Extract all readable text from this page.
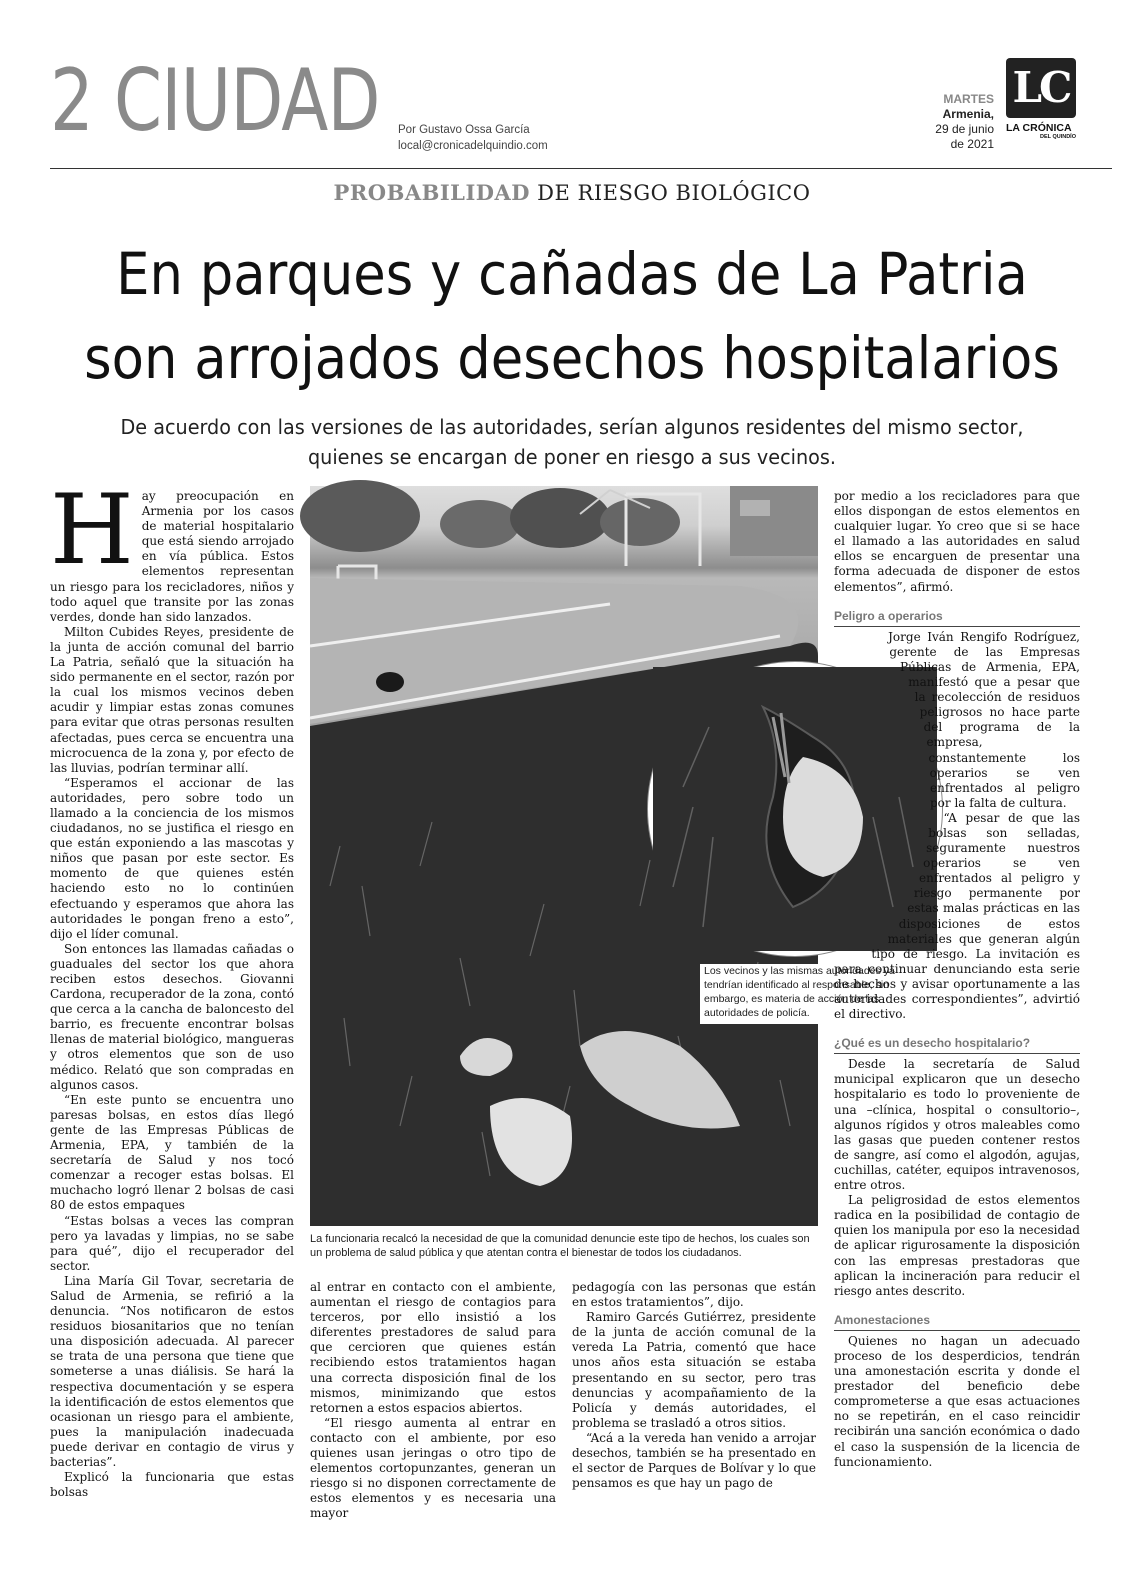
2 CIUDAD Por Gustavo Ossa García
local@cronicadelquindio.com
MARTES
Armenia,
29 de junio
de 2021
LC
LA CRÓNICA
DEL QUINDÍO
PROBABILIDAD DE RIESGO BIOLÓGICO
En parques y cañadas de La Patria
son arrojados desechos hospitalarios
De acuerdo con las versiones de las autoridades, serían algunos residentes del mismo sector,
quienes se encargan de poner en riesgo a sus vecinos.
H ay preocupación en Armenia por los casos de material hospitalario que está siendo arrojado en vía pública. Estos elementos representan un riesgo para los recicladores, niños y todo aquel que transite por las zonas verdes, donde han sido lanzados.

Milton Cubides Reyes, presidente de la junta de acción comunal del barrio La Patria, señaló que la situación ha sido permanente en el sector, razón por la cual los mismos vecinos deben acudir y limpiar estas zonas comunes para evitar que otras personas resulten afectadas, pues cerca se encuentra una microcuenca de la zona y, por efecto de las lluvias, podrían terminar allí.

“Esperamos el accionar de las autoridades, pero sobre todo un llamado a la conciencia de los mismos ciudadanos, no se justifica el riesgo en que están exponiendo a las mascotas y niños que pasan por este sector. Es momento de que quienes estén haciendo esto no lo continúen efectuando y esperamos que ahora las autoridades le pongan freno a esto”, dijo el líder comunal.

Son entonces las llamadas cañadas o guaduales del sector los que ahora reciben estos desechos. Giovanni Cardona, recuperador de la zona, contó que cerca a la cancha de baloncesto del barrio, es frecuente encontrar bolsas llenas de material biológico, mangueras y otros elementos que son de uso médico. Relató que son compradas en algunos casos.

“En este punto se encuentra uno paresas bolsas, en estos días llegó gente de las Empresas Públicas de Armenia, EPA, y también de la secretaría de Salud y nos tocó comenzar a recoger estas bolsas. El muchacho logró llenar 2 bolsas de casi 80 de estos empaques

“Estas bolsas a veces las compran pero ya lavadas y limpias, no se sabe para qué”, dijo el recuperador del sector.

Lina María Gil Tovar, secretaria de Salud de Armenia, se refirió a la denuncia. “Nos notificaron de estos residuos biosanitarios que no tenían una disposición adecuada. Al parecer se trata de una persona que tiene que someterse a unas diálisis. Se hará la respectiva documentación y se espera la identificación de estos elementos que ocasionan un riesgo para el ambiente, pues la manipulación inadecuada puede derivar en contagio de virus y bacterias”.

Explicó la funcionaria que estas bolsas

La funcionaria recalcó la necesidad de que la comunidad denuncie este tipo de hechos, los cuales son un problema de salud pública y que atentan contra el bienestar de todos los ciudadanos.
Los vecinos y las mismas autoridades ya tendrían identificado al responsable, sin embargo, es materia de acción de las autoridades de policía.

al entrar en contacto con el ambiente, aumentan el riesgo de contagios para terceros, por ello insistió a los diferentes prestadores de salud para que cercioren que quienes están recibiendo estos tratamientos hagan una correcta disposición final de los mismos, minimizando que estos retornen a estos espacios abiertos.

“El riesgo aumenta al entrar en contacto con el ambiente, por eso quienes usan jeringas o otro tipo de elementos cortopunzantes, generan un riesgo si no disponen correctamente de estos elementos y es necesaria una mayor

pedagogía con las personas que están en estos tratamientos”, dijo.

Ramiro Garcés Gutiérrez, presidente de la junta de acción comunal de la vereda La Patria, comentó que hace unos años esta situación se estaba presentando en su sector, pero tras denuncias y acompañamiento de la Policía y demás autoridades, el problema se trasladó a otros sitios.

“Acá a la vereda han venido a arrojar desechos, también se ha presentado en el sector de Parques de Bolívar y lo que pensamos es que hay un pago de

por medio a los recicladores para que ellos dispongan de estos elementos en cualquier lugar. Yo creo que si se hace el llamado a las autoridades en salud ellos se encarguen de presentar una forma adecuada de disponer de estos elementos”, afirmó.

Peligro a operarios

Jorge Iván Rengifo Rodríguez, gerente de las Empresas Públicas de Armenia, EPA, manifestó que a pesar que la recolección de residuos peligrosos no hace parte del programa de la empresa, constantemente los operarios se ven enfrentados al peligro por la falta de cultura.

“A pesar de que las bolsas son selladas, seguramente nuestros operarios se ven enfrentados al peligro y riesgo permanente por estas malas prácticas en las disposiciones de estos materiales que generan algún tipo de riesgo. La invitación es para continuar denunciando esta serie de hechos y avisar oportunamente a las autoridades correspondientes”, advirtió el directivo.

¿Qué es un desecho hospitalario?

Desde la secretaría de Salud municipal explicaron que un desecho hospitalario es todo lo proveniente de una –clínica, hospital o consultorio–, algunos rígidos y otros maleables como las gasas que pueden contener restos de sangre, así como el algodón, agujas, cuchillas, catéter, equipos intravenosos, entre otros.

La peligrosidad de estos elementos radica en la posibilidad de contagio de quien los manipula por eso la necesidad de aplicar rigurosamente la disposición con las empresas prestadoras que aplican la incineración para reducir el riesgo antes descrito.

Amonestaciones

Quienes no hagan un adecuado proceso de los desperdicios, tendrán una amonestación escrita y donde el prestador del beneficio debe comprometerse a que esas actuaciones no se repetirán, en el caso reincidir recibirán una sanción económica o dado el caso la suspensión de la licencia de funcionamiento.
